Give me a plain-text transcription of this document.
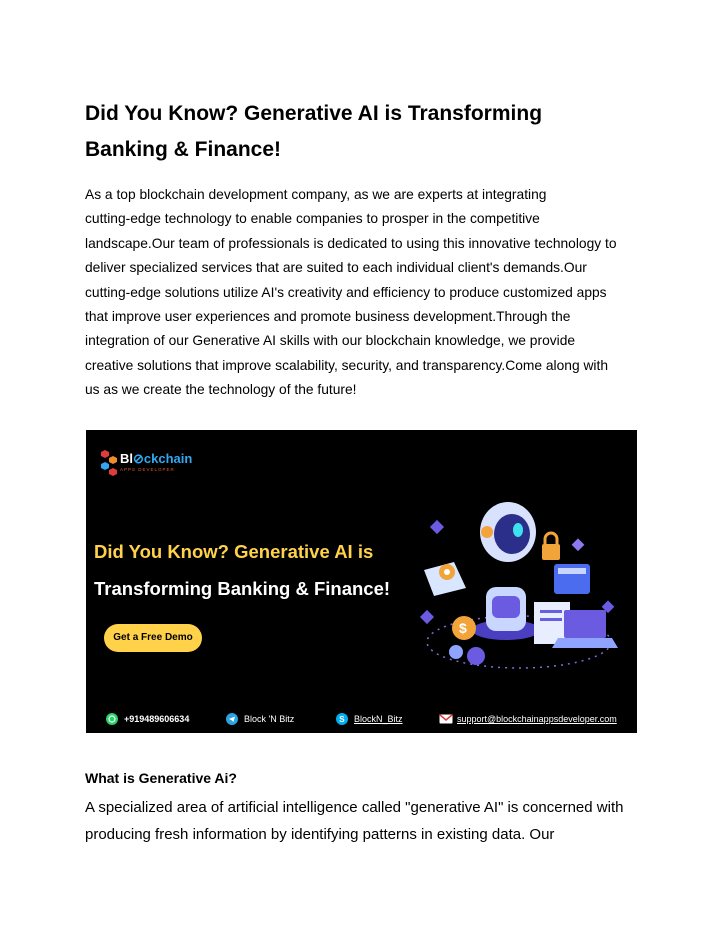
Did You Know? Generative AI is Transforming
Banking & Finance!
As a top blockchain development company, as we are experts at integrating
cutting-edge technology to enable companies to prosper in the competitive
landscape.Our team of professionals is dedicated to using this innovative technology to
deliver specialized services that are suited to each individual client's demands.Our
cutting-edge solutions utilize AI's creativity and efficiency to produce customized apps
that improve user experiences and promote business development.Through the
integration of our Generative AI skills with our blockchain knowledge, we provide
creative solutions that improve scalability, security, and transparency.Come along with
us as we create the technology of the future!
Bl⊘ckchain
APPS DEVELOPER
Did You Know? Generative AI is
Transforming Banking & Finance!
Get a Free Demo
$
+919489606634	Block 'N Bitz	S BlockN_Bitz	support@blockchainappsdeveloper.com
What is Generative Ai?
A specialized area of artificial intelligence called "generative AI" is concerned with
producing fresh information by identifying patterns in existing data. Our
